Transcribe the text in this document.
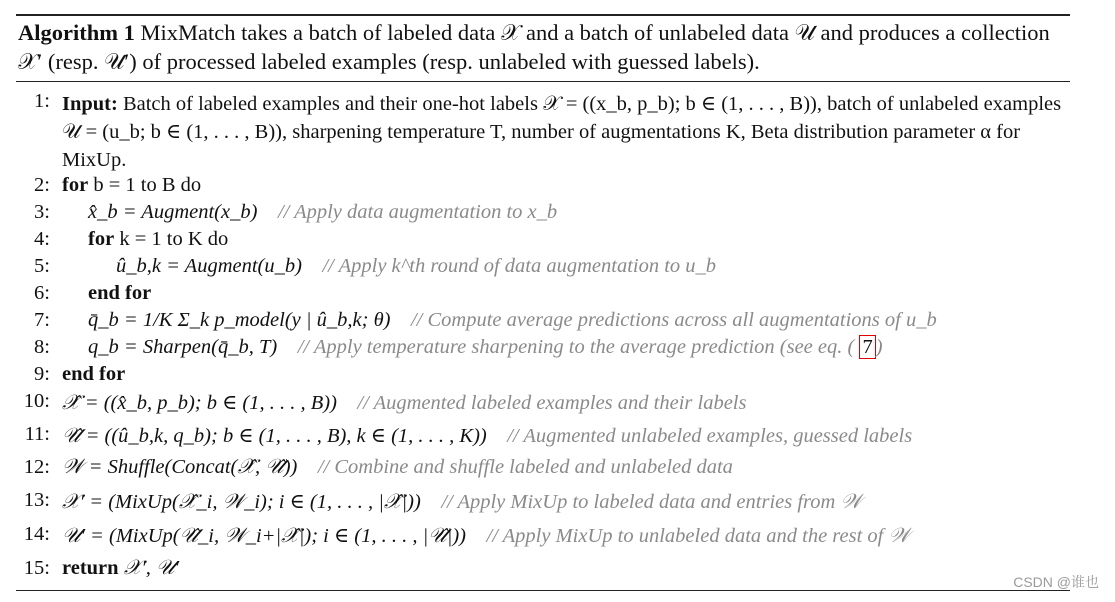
Algorithm 1 MixMatch takes a batch of labeled data 𝒳 and a batch of unlabeled data 𝒰 and produces a collection 𝒳′ (resp. 𝒰′) of processed labeled examples (resp. unlabeled with guessed labels).
1: Input: Batch of labeled examples and their one-hot labels 𝒳 = ((x_b, p_b); b ∈ (1, . . . , B)), batch of unlabeled examples 𝒰 = (u_b; b ∈ (1, . . . , B)), sharpening temperature T, number of augmentations K, Beta distribution parameter α for MixUp.
2: for b = 1 to B do
3: x̂_b = Augment(x_b) // Apply data augmentation to x_b
4: for k = 1 to K do
5:	û_b,k = Augment(u_b) // Apply k^th round of data augmentation to u_b
6: end for
7: q̄_b = 1/K Σ_k p_model(y | û_b,k; θ) // Compute average predictions across all augmentations of u_b
8: q_b = Sharpen(q̄_b, T) // Apply temperature sharpening to the average prediction (see eq. ( 7 )
9: end for
10: 𝒳̂ = ((x̂_b, p_b); b ∈ (1, . . . , B)) // Augmented labeled examples and their labels
11: 𝒰̂ = ((û_b,k, q_b); b ∈ (1, . . . , B), k ∈ (1, . . . , K)) // Augmented unlabeled examples, guessed labels
12: 𝒲 = Shuffle(Concat(𝒳̂, 𝒰̂)) // Combine and shuffle labeled and unlabeled data
13: 𝒳′ = (MixUp(𝒳̂_i, 𝒲_i); i ∈ (1, . . . , |𝒳̂|)) // Apply MixUp to labeled data and entries from 𝒲
14: 𝒰′ = (MixUp(𝒰̂_i, 𝒲_i+|𝒳̂|); i ∈ (1, . . . , |𝒰̂|)) // Apply MixUp to unlabeled data and the rest of 𝒲
15: return 𝒳′, 𝒰′
CSDN @谁也
